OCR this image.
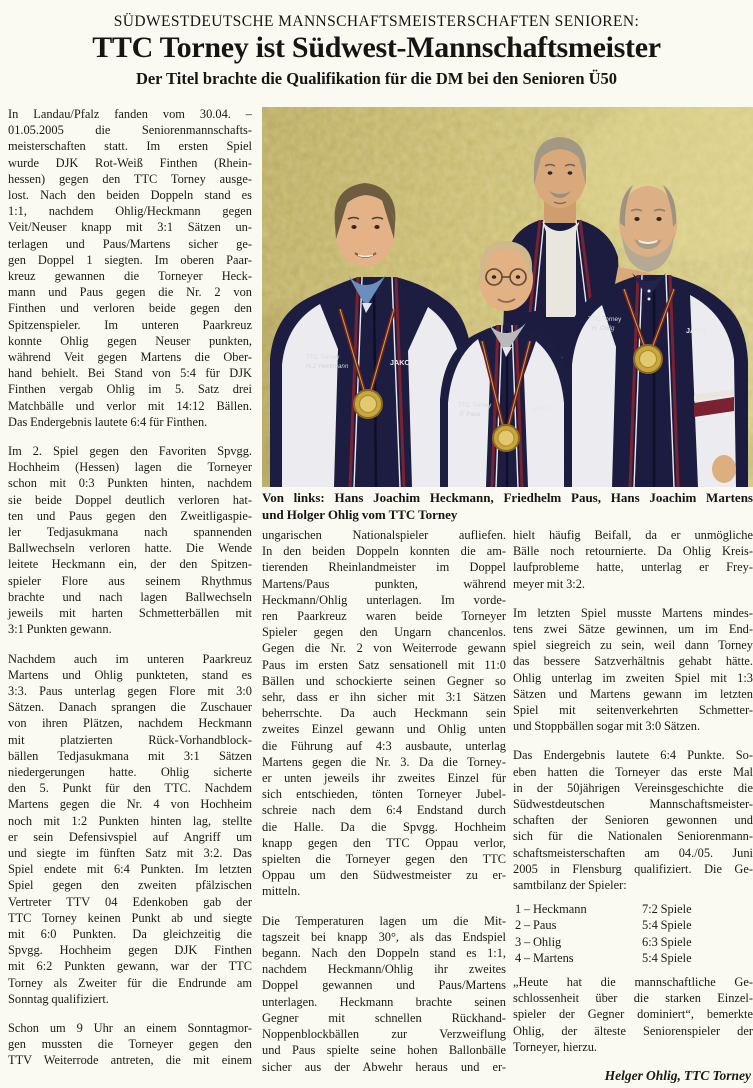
SÜDWESTDEUTSCHE MANNSCHAFTSMEISTERSCHAFTEN SENIOREN:
TTC Torney ist Südwest-Mannschaftsmeister
Der Titel brachte die Qualifikation für die DM bei den Senioren Ü50
In Landau/Pfalz fanden vom 30.04. –
01.05.2005 die Seniorenmannschafts-
meisterschaften statt. Im ersten Spiel
wurde DJK Rot-Weiß Finthen (Rhein-
hessen) gegen den TTC Torney ausge-
lost. Nach den beiden Doppeln stand es
1:1, nachdem Ohlig/Heckmann gegen
Veit/Neuser knapp mit 3:1 Sätzen un-
terlagen und Paus/Martens sicher ge-
gen Doppel 1 siegten. Im oberen Paar-
kreuz gewannen die Torneyer Heck-
mann und Paus gegen die Nr. 2 von
Finthen und verloren beide gegen den
Spitzenspieler. Im unteren Paarkreuz
konnte Ohlig gegen Neuser punkten,
während Veit gegen Martens die Ober-
hand behielt. Bei Stand von 5:4 für DJK
Finthen vergab Ohlig im 5. Satz drei
Matchbälle und verlor mit 14:12 Bällen.
Das Endergebnis lautete 6:4 für Finthen.
Im 2. Spiel gegen den Favoriten Spvgg.
Hochheim (Hessen) lagen die Torneyer
schon mit 0:3 Punkten hinten, nachdem
sie beide Doppel deutlich verloren hat-
ten und Paus gegen den Zweitligaspie-
ler Tedjasukmana nach spannenden
Ballwechseln verloren hatte. Die Wende
leitete Heckmann ein, der den Spitzen-
spieler Flore aus seinem Rhythmus
brachte und nach lagen Ballwechseln
jeweils mit harten Schmetterbällen mit
3:1 Punkten gewann.
Nachdem auch im unteren Paarkreuz
Martens und Ohlig punkteten, stand es
3:3. Paus unterlag gegen Flore mit 3:0
Sätzen. Danach sprangen die Zuschauer
von ihren Plätzen, nachdem Heckmann
mit platzierten Rück-Vorhandblock-
bällen Tedjasukmana mit 3:1 Sätzen
niedergerungen hatte. Ohlig sicherte
den 5. Punkt für den TTC. Nachdem
Martens gegen die Nr. 4 von Hochheim
noch mit 1:2 Punkten hinten lag, stellte
er sein Defensivspiel auf Angriff um
und siegte im fünften Satz mit 3:2. Das
Spiel endete mit 6:4 Punkten. Im letzten
Spiel gegen den zweiten pfälzischen
Vertreter TTV 04 Edenkoben gab der
TTC Torney keinen Punkt ab und siegte
mit 6:0 Punkten. Da gleichzeitig die
Spvgg. Hochheim gegen DJK Finthen
mit 6:2 Punkten gewann, war der TTC
Torney als Zweiter für die Endrunde am
Sonntag qualifiziert.
Schon um 9 Uhr an einem Sonntagmor-
gen mussten die Torneyer gegen den
TTV Weiterrode antreten, die mit einem
TTC Torney
H.J. Heckmann	JAKO
TTC Torney
F. Paus
JAKO
TTC Torney
H. Ohlig	JAKO
Von links: Hans Joachim Heckmann, Friedhelm Paus, Hans Joachim Martens
und Holger Ohlig vom TTC Torney
ungarischen Nationalspieler aufliefen.
In den beiden Doppeln konnten die am-
tierenden Rheinlandmeister im Doppel
Martens/Paus punkten, während
Heckmann/Ohlig unterlagen. Im vorde-
ren Paarkreuz waren beide Torneyer
Spieler gegen den Ungarn chancenlos.
Gegen die Nr. 2 von Weiterrode gewann
Paus im ersten Satz sensationell mit 11:0
Bällen und schockierte seinen Gegner so
sehr, dass er ihn sicher mit 3:1 Sätzen
beherrschte. Da auch Heckmann sein
zweites Einzel gewann und Ohlig unten
die Führung auf 4:3 ausbaute, unterlag
Martens gegen die Nr. 3. Da die Torney-
er unten jeweils ihr zweites Einzel für
sich entschieden, tönten Torneyer Jubel-
schreie nach dem 6:4 Endstand durch
die Halle. Da die Spvgg. Hochheim
knapp gegen den TTC Oppau verlor,
spielten die Torneyer gegen den TTC
Oppau um den Südwestmeister zu er-
mitteln.
Die Temperaturen lagen um die Mit-
tagszeit bei knapp 30°, als das Endspiel
begann. Nach den Doppeln stand es 1:1,
nachdem Heckmann/Ohlig ihr zweites
Doppel gewannen und Paus/Martens
unterlagen. Heckmann brachte seinen
Gegner mit schnellen Rückhand-
Noppenblockbällen zur Verzweiflung
und Paus spielte seine hohen Ballonbälle
sicher aus der Abwehr heraus und er-
hielt häufig Beifall, da er unmögliche
Bälle noch retournierte. Da Ohlig Kreis-
laufprobleme hatte, unterlag er Frey-
meyer mit 3:2.
Im letzten Spiel musste Martens mindes-
tens zwei Sätze gewinnen, um im End-
spiel siegreich zu sein, weil dann Torney
das bessere Satzverhältnis gehabt hätte.
Ohlig unterlag im zweiten Spiel mit 1:3
Sätzen und Martens gewann im letzten
Spiel mit seitenverkehrten Schmetter-
und Stoppbällen sogar mit 3:0 Sätzen.
Das Endergebnis lautete 6:4 Punkte. So-
eben hatten die Torneyer das erste Mal
in der 50jährigen Vereinsgeschichte die
Südwestdeutschen Mannschaftsmeister-
schaften der Senioren gewonnen und
sich für die Nationalen Seniorenmann-
schaftsmeisterschaften am 04./05. Juni
2005 in Flensburg qualifiziert. Die Ge-
samtbilanz der Spieler:
1 – Heckmann	7:2 Spiele
2 – Paus	5:4 Spiele
3 – Ohlig	6:3 Spiele
4 – Martens	5:4 Spiele
„Heute hat die mannschaftliche Ge-
schlossenheit über die starken Einzel-
spieler der Gegner dominiert“, bemerkte
Ohlig, der älteste Seniorenspieler der
Torneyer, hierzu.
Helger Ohlig, TTC Torney
